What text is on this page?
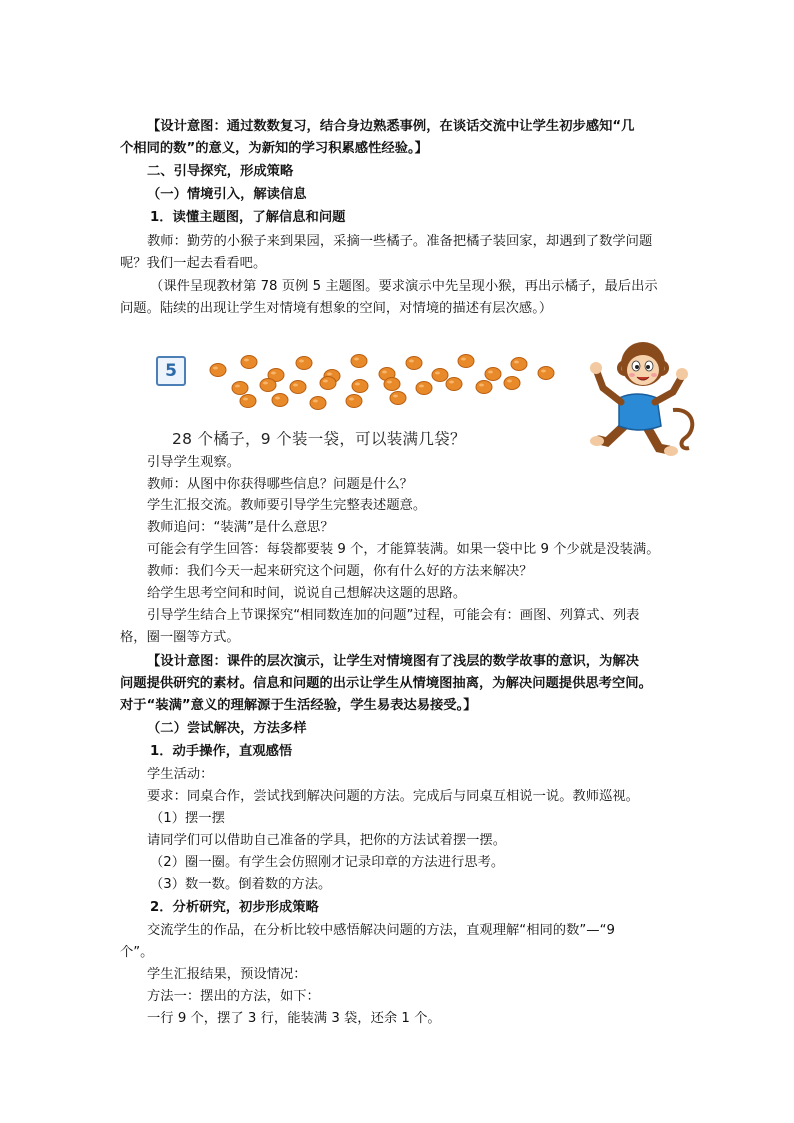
【设计意图：通过数数复习，结合身边熟悉事例，在谈话交流中让学生初步感知“几
个相同的数”的意义，为新知的学习积累感性经验。】
二、引导探究，形成策略
（一）情境引入，解读信息
1．读懂主题图，了解信息和问题
教师：勤劳的小猴子来到果园，采摘一些橘子。准备把橘子装回家，却遇到了数学问题
呢？我们一起去看看吧。
（课件呈现教材第 78 页例 5 主题图。要求演示中先呈现小猴，再出示橘子，最后出示
问题。陆续的出现让学生对情境有想象的空间，对情境的描述有层次感。）
引导学生观察。
教师：从图中你获得哪些信息？问题是什么？
学生汇报交流。教师要引导学生完整表述题意。
教师追问：“装满”是什么意思？
可能会有学生回答：每袋都要装 9 个，才能算装满。如果一袋中比 9 个少就是没装满。
教师：我们今天一起来研究这个问题，你有什么好的方法来解决？
给学生思考空间和时间，说说自己想解决这题的思路。
引导学生结合上节课探究“相同数连加的问题”过程，可能会有：画图、列算式、列表
格，圈一圈等方式。
【设计意图：课件的层次演示，让学生对情境图有了浅层的数学故事的意识，为解决
问题提供研究的素材。信息和问题的出示让学生从情境图抽离，为解决问题提供思考空间。
对于“装满”意义的理解源于生活经验，学生易表达易接受。】
（二）尝试解决，方法多样
1．动手操作，直观感悟
学生活动：
要求：同桌合作，尝试找到解决问题的方法。完成后与同桌互相说一说。教师巡视。
（1）摆一摆
请同学们可以借助自己准备的学具，把你的方法试着摆一摆。
（2）圈一圈。有学生会仿照刚才记录印章的方法进行思考。
（3）数一数。倒着数的方法。
2．分析研究，初步形成策略
交流学生的作品，在分析比较中感悟解决问题的方法，直观理解“相同的数”—“9
个”。
学生汇报结果，预设情况：
方法一：摆出的方法，如下：
一行 9 个，摆了 3 行，能装满 3 袋，还余 1 个。
5
28 个橘子，9 个装一袋，可以装满几袋？
